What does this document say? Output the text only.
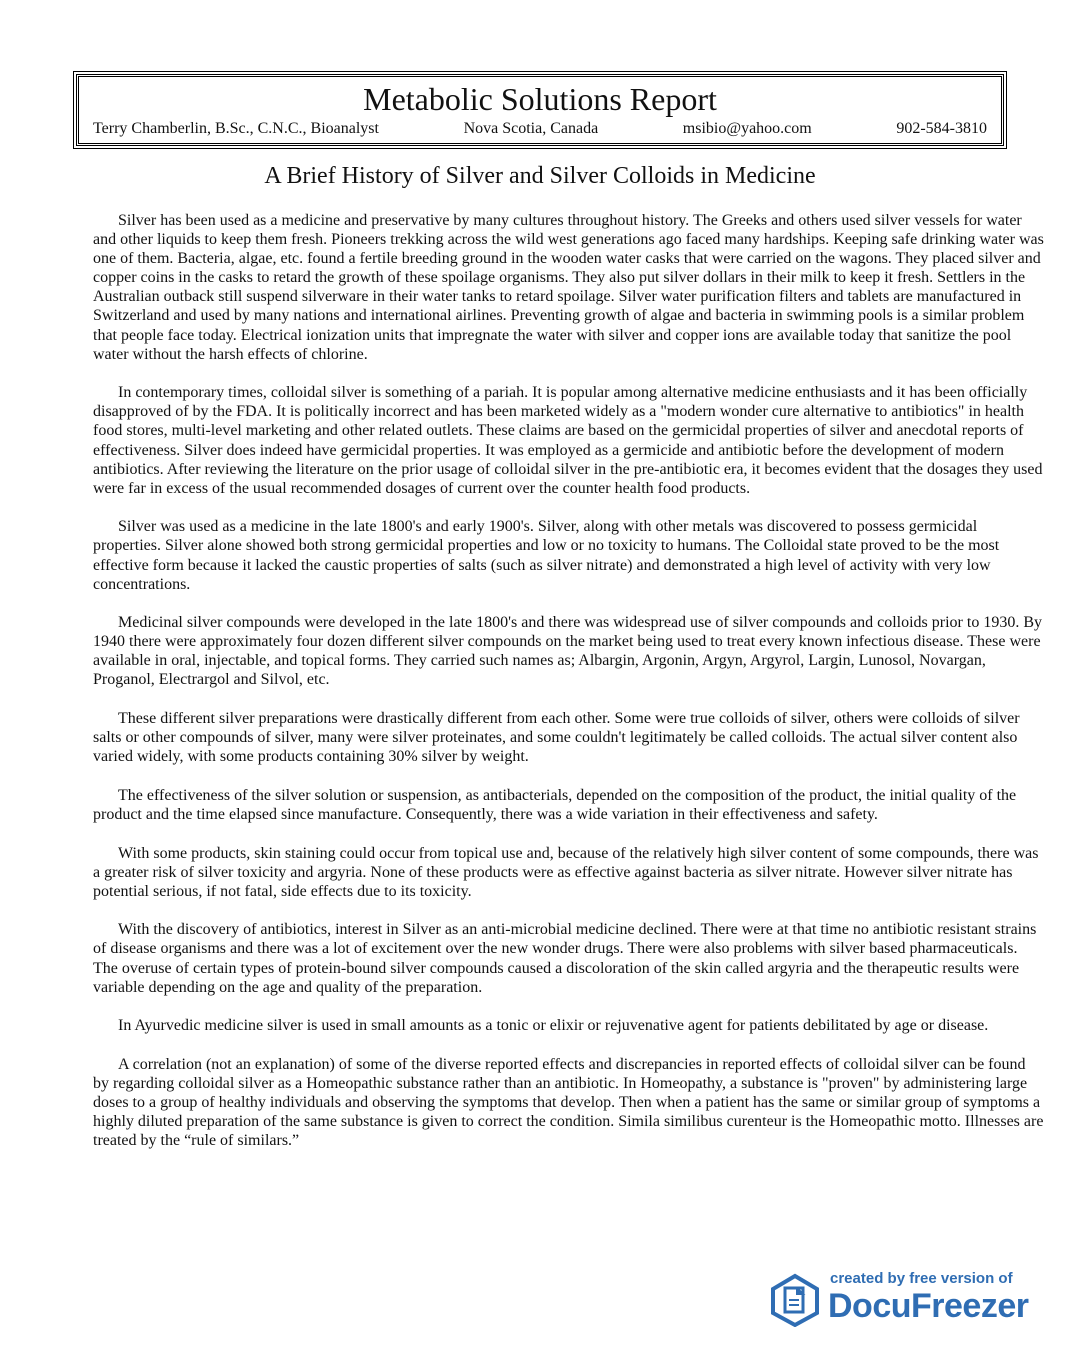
Metabolic Solutions Report
Terry Chamberlin, B.Sc., C.N.C., Bioanalyst	Nova Scotia, Canada	msibio@yahoo.com	902-584-3810
A Brief History of Silver and Silver Colloids in Medicine

Silver has been used as a medicine and preservative by many cultures throughout history. The Greeks and others used silver vessels for water and other liquids to keep them fresh. Pioneers trekking across the wild west generations ago faced many hardships. Keeping safe drinking water was one of them. Bacteria, algae, etc. found a fertile breeding ground in the wooden water casks that were carried on the wagons. They placed silver and copper coins in the casks to retard the growth of these spoilage organisms. They also put silver dollars in their milk to keep it fresh. Settlers in the Australian outback still suspend silverware in their water tanks to retard spoilage. Silver water purification filters and tablets are manufactured in Switzerland and used by many nations and international airlines. Preventing growth of algae and bacteria in swimming pools is a similar problem that people face today. Electrical ionization units that impregnate the water with silver and copper ions are available today that sanitize the pool water without the harsh effects of chlorine.

In contemporary times, colloidal silver is something of a pariah. It is popular among alternative medicine enthusiasts and it has been officially disapproved of by the FDA. It is politically incorrect and has been marketed widely as a "modern wonder cure alternative to antibiotics" in health food stores, multi-level marketing and other related outlets. These claims are based on the germicidal properties of silver and anecdotal reports of effectiveness. Silver does indeed have germicidal properties. It was employed as a germicide and antibiotic before the development of modern antibiotics. After reviewing the literature on the prior usage of colloidal silver in the pre-antibiotic era, it becomes evident that the dosages they used were far in excess of the usual recommended dosages of current over the counter health food products.

Silver was used as a medicine in the late 1800's and early 1900's. Silver, along with other metals was discovered to possess germicidal properties. Silver alone showed both strong germicidal properties and low or no toxicity to humans. The Colloidal state proved to be the most effective form because it lacked the caustic properties of salts (such as silver nitrate) and demonstrated a high level of activity with very low concentrations.

Medicinal silver compounds were developed in the late 1800's and there was widespread use of silver compounds and colloids prior to 1930. By 1940 there were approximately four dozen different silver compounds on the market being used to treat every known infectious disease. These were available in oral, injectable, and topical forms. They carried such names as; Albargin, Argonin, Argyn, Argyrol, Largin, Lunosol, Novargan, Proganol, Electrargol and Silvol, etc.

These different silver preparations were drastically different from each other. Some were true colloids of silver, others were colloids of silver salts or other compounds of silver, many were silver proteinates, and some couldn't legitimately be called colloids. The actual silver content also varied widely, with some products containing 30% silver by weight.

The effectiveness of the silver solution or suspension, as antibacterials, depended on the composition of the product, the initial quality of the product and the time elapsed since manufacture. Consequently, there was a wide variation in their effectiveness and safety.

With some products, skin staining could occur from topical use and, because of the relatively high silver content of some compounds, there was a greater risk of silver toxicity and argyria. None of these products were as effective against bacteria as silver nitrate. However silver nitrate has potential serious, if not fatal, side effects due to its toxicity.

With the discovery of antibiotics, interest in Silver as an anti-microbial medicine declined. There were at that time no antibiotic resistant strains of disease organisms and there was a lot of excitement over the new wonder drugs. There were also problems with silver based pharmaceuticals. The overuse of certain types of protein-bound silver compounds caused a discoloration of the skin called argyria and the therapeutic results were variable depending on the age and quality of the preparation.

In Ayurvedic medicine silver is used in small amounts as a tonic or elixir or rejuvenative agent for patients debilitated by age or disease.

A correlation (not an explanation) of some of the diverse reported effects and discrepancies in reported effects of colloidal silver can be found by regarding colloidal silver as a Homeopathic substance rather than an antibiotic. In Homeopathy, a substance is "proven" by administering large doses to a group of healthy individuals and observing the symptoms that develop. Then when a patient has the same or similar group of symptoms a highly diluted preparation of the same substance is given to correct the condition. Simila similibus curenteur is the Homeopathic motto. Illnesses are treated by the “rule of similars.”

created by free version of
DocuFreezer
